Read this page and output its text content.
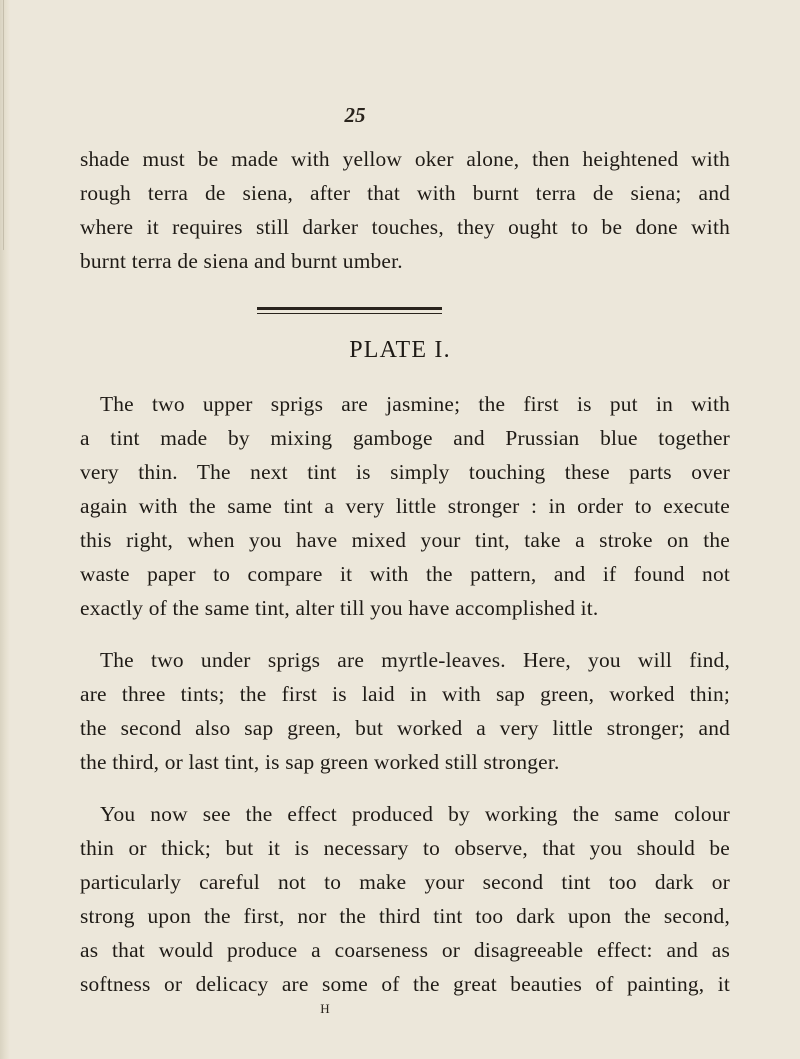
25

shade must be made with yellow oker alone, then heightened with
rough terra de siena, after that with burnt terra de siena; and
where it requires still darker touches, they ought to be done with
burnt terra de siena and burnt umber.

PLATE I.

The two upper sprigs are jasmine; the first is put in with
a tint made by mixing gamboge and Prussian blue together
very thin. The next tint is simply touching these parts over
again with the same tint a very little stronger : in order to execute
this right, when you have mixed your tint, take a stroke on the
waste paper to compare it with the pattern, and if found not
exactly of the same tint, alter till you have accomplished it.

The two under sprigs are myrtle-leaves. Here, you will find,
are three tints; the first is laid in with sap green, worked thin;
the second also sap green, but worked a very little stronger; and
the third, or last tint, is sap green worked still stronger.

You now see the effect produced by working the same colour
thin or thick; but it is necessary to observe, that you should be
particularly careful not to make your second tint too dark or
strong upon the first, nor the third tint too dark upon the second,
as that would produce a coarseness or disagreeable effect: and as
softness or delicacy are some of the great beauties of painting, it

H
